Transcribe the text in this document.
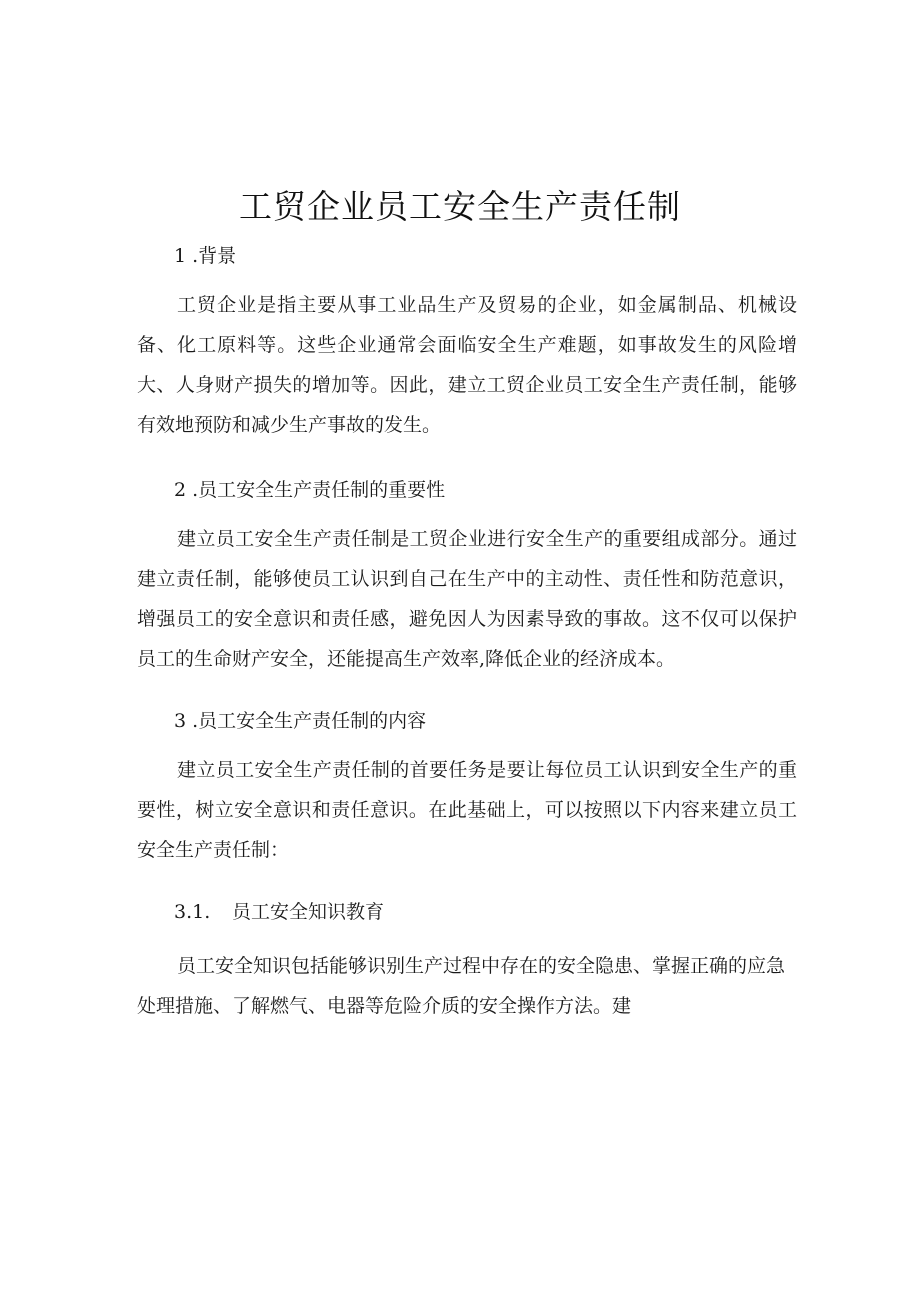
工贸企业员工安全生产责任制
1 .背景

工贸企业是指主要从事工业品生产及贸易的企业，如金属制品、机械设备、化工原料等。这些企业通常会面临安全生产难题，如事故发生的风险增大、人身财产损失的增加等。因此，建立工贸企业员工安全生产责任制，能够有效地预防和减少生产事故的发生。

2 .员工安全生产责任制的重要性

建立员工安全生产责任制是工贸企业进行安全生产的重要组成部分。通过建立责任制，能够使员工认识到自己在生产中的主动性、责任性和防范意识，增强员工的安全意识和责任感，避免因人为因素导致的事故。这不仅可以保护员工的生命财产安全，还能提高生产效率,降低企业的经济成本。

3 .员工安全生产责任制的内容

建立员工安全生产责任制的首要任务是要让每位员工认识到安全生产的重要性，树立安全意识和责任意识。在此基础上，可以按照以下内容来建立员工安全生产责任制：

3.1. 员工安全知识教育

员工安全知识包括能够识别生产过程中存在的安全隐患、掌握正确的应急处理措施、了解燃气、电器等危险介质的安全操作方法。建
